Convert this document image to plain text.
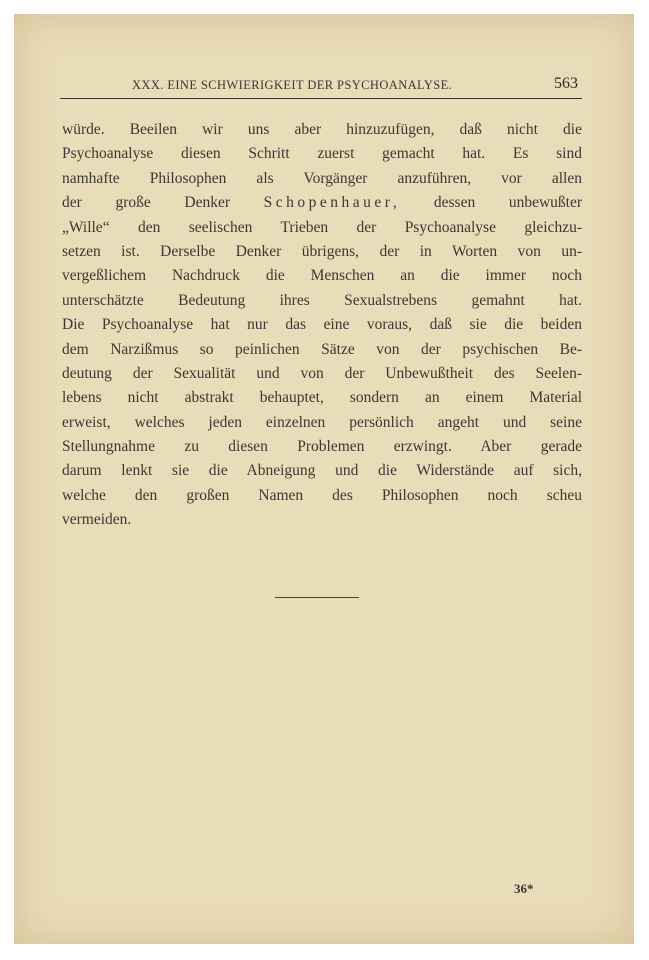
XXX. EINE SCHWIERIGKEIT DER PSYCHOANALYSE.	563
würde. Beeilen wir uns aber hinzuzufügen, daß nicht die
Psychoanalyse diesen Schritt zuerst gemacht hat. Es sind
namhafte Philosophen als Vorgänger anzuführen, vor allen
der große Denker Schopenhauer, dessen unbewußter
„Wille“ den seelischen Trieben der Psychoanalyse gleichzu-
setzen ist. Derselbe Denker übrigens, der in Worten von un-
vergeßlichem Nachdruck die Menschen an die immer noch
unterschätzte Bedeutung ihres Sexualstrebens gemahnt hat.
Die Psychoanalyse hat nur das eine voraus, daß sie die beiden
dem Narzißmus so peinlichen Sätze von der psychischen Be-
deutung der Sexualität und von der Unbewußtheit des Seelen-
lebens nicht abstrakt behauptet, sondern an einem Material
erweist, welches jeden einzelnen persönlich angeht und seine
Stellungnahme zu diesen Problemen erzwingt. Aber gerade
darum lenkt sie die Abneigung und die Widerstände auf sich,
welche den großen Namen des Philosophen noch scheu
vermeiden.
36*
